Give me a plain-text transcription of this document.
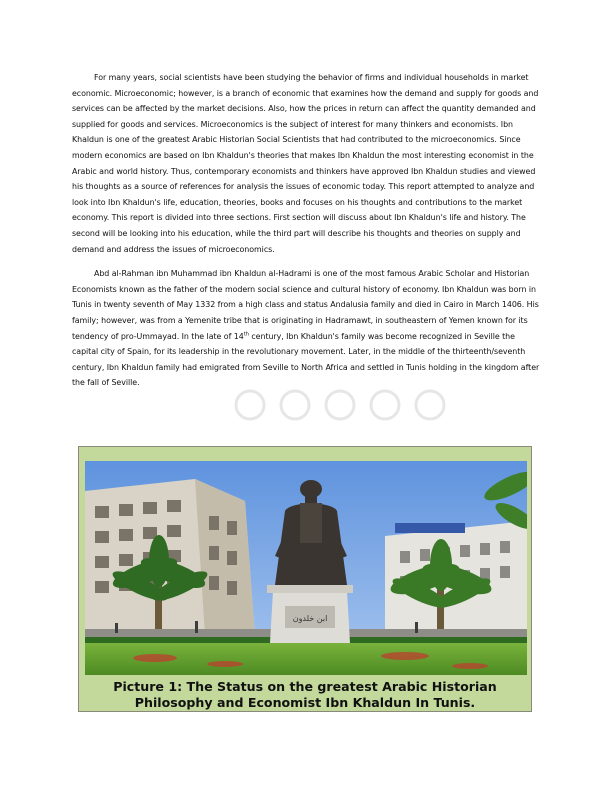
For many years, social scientists have been studying the behavior of firms and individual households in market economic. Microeconomic; however, is a branch of economic that examines how the demand and supply for goods and services can be affected by the market decisions. Also, how the prices in return can affect the quantity demanded and supplied for goods and services. Microeconomics is the subject of interest for many thinkers and economists. Ibn Khaldun is one of the greatest Arabic Historian Social Scientists that had contributed to the microeconomics. Since modern economics are based on Ibn Khaldun's theories that makes Ibn Khaldun the most interesting economist in the Arabic and world history. Thus, contemporary economists and thinkers have approved Ibn Khaldun studies and viewed his thoughts as a source of references for analysis the issues of economic today. This report attempted to analyze and look into Ibn Khaldun's life, education, theories, books and focuses on his thoughts and contributions to the market economy. This report is divided into three sections. First section will discuss about Ibn Khaldun's life and history. The second will be looking into his education, while the third part will describe his thoughts and theories on supply and demand and address the issues of microeconomics.

Abd al-Rahman ibn Muhammad ibn Khaldun al-Hadrami is one of the most famous Arabic Scholar and Historian Economists known as the father of the modern social science and cultural history of economy. Ibn Khaldun was born in Tunis in twenty seventh of May 1332 from a high class and status Andalusia family and died in Cairo in March 1406. His family; however, was from a Yemenite tribe that is originating in Hadramawt, in southeastern of Yemen known for its tendency of pro-Ummayad. In the late of 14th century, Ibn Khaldun's family was become recognized in Seville the capital city of Spain, for its leadership in the revolutionary movement. Later, in the middle of the thirteenth/seventh century, Ibn Khaldun family had emigrated from Seville to North Africa and settled in Tunis holding in the kingdom after the fall of Seville.

ابن خلدون
Picture 1: The Status on the greatest Arabic Historian
Philosophy and Economist Ibn Khaldun In Tunis.
